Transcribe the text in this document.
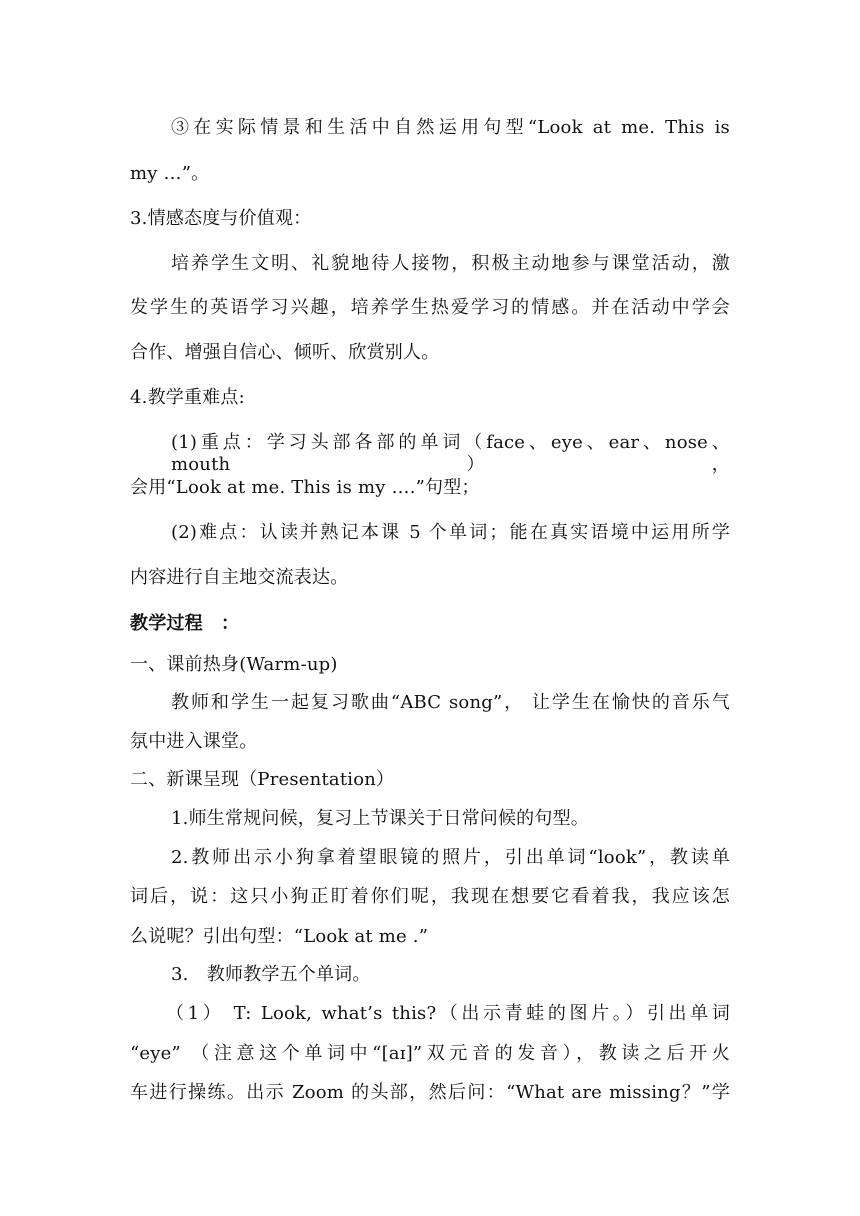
③在实际情景和生活中自然运用句型“Look at me. This is
my …”。
3.情感态度与价值观：
培养学生文明、礼貌地待人接物，积极主动地参与课堂活动，激
发学生的英语学习兴趣，培养学生热爱学习的情感。并在活动中学会
合作、增强自信心、倾听、欣赏别人。
4.教学重难点:
(1)重点：学习头部各部的单词（face、eye、ear、nose、mouth），
会用“Look at me. This is my ….”句型；
(2)难点：认读并熟记本课 5 个单词；能在真实语境中运用所学
内容进行自主地交流表达。
教学过程　：
一、课前热身(Warm-up)
教师和学生一起复习歌曲“ABC song”， 让学生在愉快的音乐气
氛中进入课堂。
二、新课呈现（Presentation）
1.师生常规问候，复习上节课关于日常问候的句型。
2.教师出示小狗拿着望眼镜的照片，引出单词“look”，教读单
词后，说：这只小狗正盯着你们呢，我现在想要它看着我，我应该怎
么说呢？引出句型：“Look at me .”
3.　教师教学五个单词。
（1） T: Look, what’s this?（出示青蛙的图片。）引出单词
“eye” （注意这个单词中“[aɪ]”双元音的发音），教读之后开火
车进行操练。出示 Zoom 的头部，然后问：“What are missing？”学
